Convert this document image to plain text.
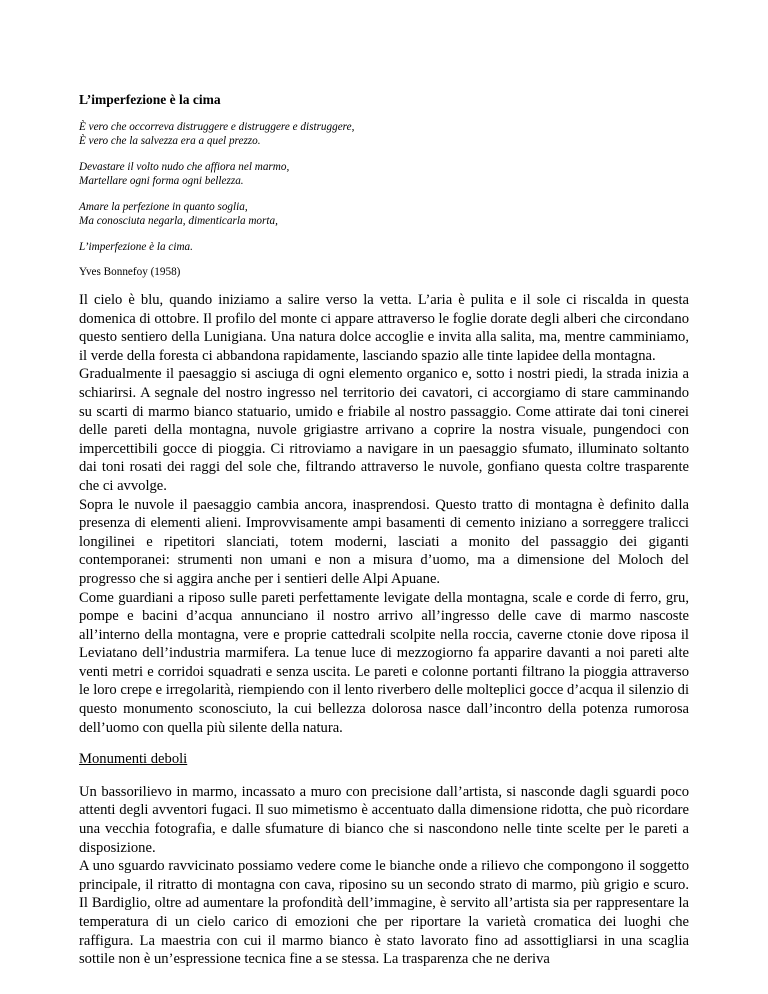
L’imperfezione è la cima

È vero che occorreva distruggere e distruggere e distruggere,
È vero che la salvezza era a quel prezzo.

Devastare il volto nudo che affiora nel marmo,
Martellare ogni forma ogni bellezza.

Amare la perfezione in quanto soglia,
Ma conosciuta negarla, dimenticarla morta,

L’imperfezione è la cima.

Yves Bonnefoy (1958)

Il cielo è blu, quando iniziamo a salire verso la vetta. L’aria è pulita e il sole ci riscalda in questa domenica di ottobre. Il profilo del monte ci appare attraverso le foglie dorate degli alberi che circondano questo sentiero della Lunigiana. Una natura dolce accoglie e invita alla salita, ma, mentre camminiamo, il verde della foresta ci abbandona rapidamente, lasciando spazio alle tinte lapidee della montagna.

Gradualmente il paesaggio si asciuga di ogni elemento organico e, sotto i nostri piedi, la strada inizia a schiarirsi. A segnale del nostro ingresso nel territorio dei cavatori, ci accorgiamo di stare camminando su scarti di marmo bianco statuario, umido e friabile al nostro passaggio. Come attirate dai toni cinerei delle pareti della montagna, nuvole grigiastre arrivano a coprire la nostra visuale, pungendoci con impercettibili gocce di pioggia. Ci ritroviamo a navigare in un paesaggio sfumato, illuminato soltanto dai toni rosati dei raggi del sole che, filtrando attraverso le nuvole, gonfiano questa coltre trasparente che ci avvolge.

Sopra le nuvole il paesaggio cambia ancora, inasprendosi. Questo tratto di montagna è definito dalla presenza di elementi alieni. Improvvisamente ampi basamenti di cemento iniziano a sorreggere tralicci longilinei e ripetitori slanciati, totem moderni, lasciati a monito del passaggio dei giganti contemporanei: strumenti non umani e non a misura d’uomo, ma a dimensione del Moloch del progresso che si aggira anche per i sentieri delle Alpi Apuane.

Come guardiani a riposo sulle pareti perfettamente levigate della montagna, scale e corde di ferro, gru, pompe e bacini d’acqua annunciano il nostro arrivo all’ingresso delle cave di marmo nascoste all’interno della montagna, vere e proprie cattedrali scolpite nella roccia, caverne ctonie dove riposa il Leviatano dell’industria marmifera. La tenue luce di mezzogiorno fa apparire davanti a noi pareti alte venti metri e corridoi squadrati e senza uscita. Le pareti e colonne portanti filtrano la pioggia attraverso le loro crepe e irregolarità, riempiendo con il lento riverbero delle molteplici gocce d’acqua il silenzio di questo monumento sconosciuto, la cui bellezza dolorosa nasce dall’incontro della potenza rumorosa dell’uomo con quella più silente della natura.

Monumenti deboli

Un bassorilievo in marmo, incassato a muro con precisione dall’artista, si nasconde dagli sguardi poco attenti degli avventori fugaci. Il suo mimetismo è accentuato dalla dimensione ridotta, che può ricordare una vecchia fotografia, e dalle sfumature di bianco che si nascondono nelle tinte scelte per le pareti a disposizione.

A uno sguardo ravvicinato possiamo vedere come le bianche onde a rilievo che compongono il soggetto principale, il ritratto di montagna con cava, riposino su un secondo strato di marmo, più grigio e scuro. Il Bardiglio, oltre ad aumentare la profondità dell’immagine, è servito all’artista sia per rappresentare la temperatura di un cielo carico di emozioni che per riportare la varietà cromatica dei luoghi che raffigura. La maestria con cui il marmo bianco è stato lavorato fino ad assottigliarsi in una scaglia sottile non è un’espressione tecnica fine a se stessa. La trasparenza che ne deriva
